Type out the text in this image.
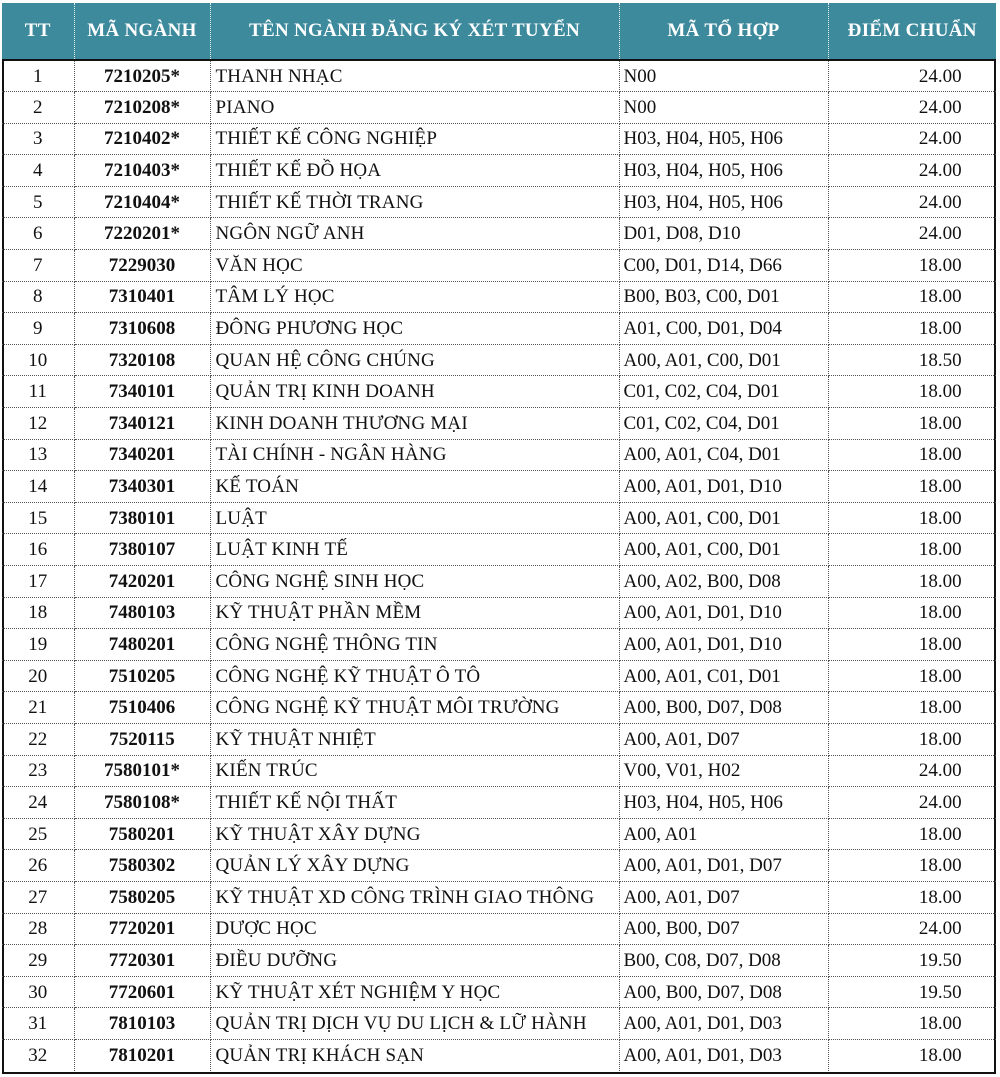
TT	MÃ NGÀNH	TÊN NGÀNH ĐĂNG KÝ XÉT TUYỂN	MÃ TỔ HỢP	ĐIỂM CHUẨN
1	7210205*	THANH NHẠC	N00	24.00
2	7210208*	PIANO	N00	24.00
3	7210402*	THIẾT KẾ CÔNG NGHIỆP	H03, H04, H05, H06	24.00
4	7210403*	THIẾT KẾ ĐỒ HỌA	H03, H04, H05, H06	24.00
5	7210404*	THIẾT KẾ THỜI TRANG	H03, H04, H05, H06	24.00
6	7220201*	NGÔN NGỮ ANH	D01, D08, D10	24.00
7	7229030	VĂN HỌC	C00, D01, D14, D66	18.00
8	7310401	TÂM LÝ HỌC	B00, B03, C00, D01	18.00
9	7310608	ĐÔNG PHƯƠNG HỌC	A01, C00, D01, D04	18.00
10	7320108	QUAN HỆ CÔNG CHÚNG	A00, A01, C00, D01	18.50
11	7340101	QUẢN TRỊ KINH DOANH	C01, C02, C04, D01	18.00
12	7340121	KINH DOANH THƯƠNG MẠI	C01, C02, C04, D01	18.00
13	7340201	TÀI CHÍNH - NGÂN HÀNG	A00, A01, C04, D01	18.00
14	7340301	KẾ TOÁN	A00, A01, D01, D10	18.00
15	7380101	LUẬT	A00, A01, C00, D01	18.00
16	7380107	LUẬT KINH TẾ	A00, A01, C00, D01	18.00
17	7420201	CÔNG NGHỆ SINH HỌC	A00, A02, B00, D08	18.00
18	7480103	KỸ THUẬT PHẦN MỀM	A00, A01, D01, D10	18.00
19	7480201	CÔNG NGHỆ THÔNG TIN	A00, A01, D01, D10	18.00
20	7510205	CÔNG NGHỆ KỸ THUẬT Ô TÔ	A00, A01, C01, D01	18.00
21	7510406	CÔNG NGHỆ KỸ THUẬT MÔI TRƯỜNG	A00, B00, D07, D08	18.00
22	7520115	KỸ THUẬT NHIỆT	A00, A01, D07	18.00
23	7580101*	KIẾN TRÚC	V00, V01, H02	24.00
24	7580108*	THIẾT KẾ NỘI THẤT	H03, H04, H05, H06	24.00
25	7580201	KỸ THUẬT XÂY DỰNG	A00, A01	18.00
26	7580302	QUẢN LÝ XÂY DỰNG	A00, A01, D01, D07	18.00
27	7580205	KỸ THUẬT XD CÔNG TRÌNH GIAO THÔNG	A00, A01, D07	18.00
28	7720201	DƯỢC HỌC	A00, B00, D07	24.00
29	7720301	ĐIỀU DƯỠNG	B00, C08, D07, D08	19.50
30	7720601	KỸ THUẬT XÉT NGHIỆM Y HỌC	A00, B00, D07, D08	19.50
31	7810103	QUẢN TRỊ DỊCH VỤ DU LỊCH & LỮ HÀNH	A00, A01, D01, D03	18.00
32	7810201	QUẢN TRỊ KHÁCH SẠN	A00, A01, D01, D03	18.00
